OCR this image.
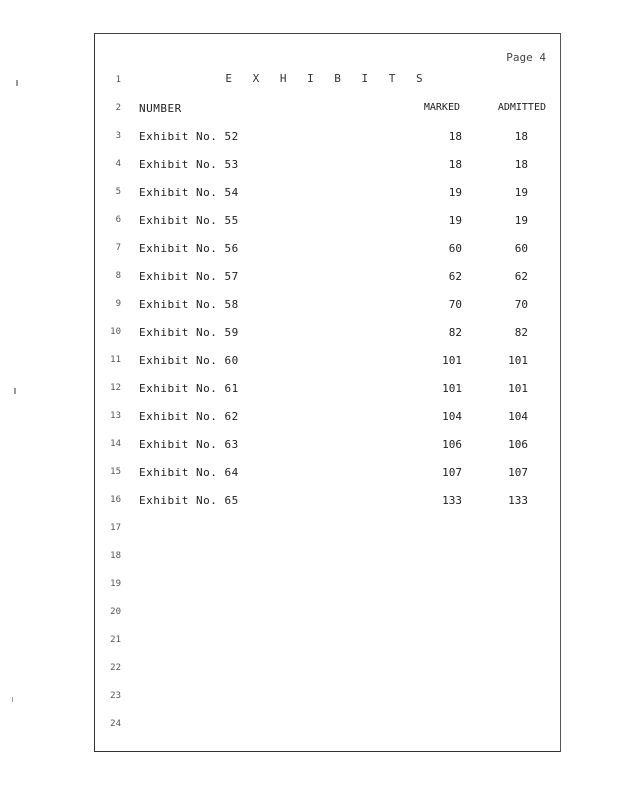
Page 4
1	E X H I B I T S
2 NUMBER	MARKED	ADMITTED
3 Exhibit No. 52	18	18
4 Exhibit No. 53	18	18
5 Exhibit No. 54	19	19
6 Exhibit No. 55	19	19
7 Exhibit No. 56	60	60
8 Exhibit No. 57	62	62
9 Exhibit No. 58	70	70
10 Exhibit No. 59	82	82
11 Exhibit No. 60	101	101
12 Exhibit No. 61	101	101
13 Exhibit No. 62	104	104
14 Exhibit No. 63	106	106
15 Exhibit No. 64	107	107
16 Exhibit No. 65	133	133
17
18
19
20
21
22
23
24
